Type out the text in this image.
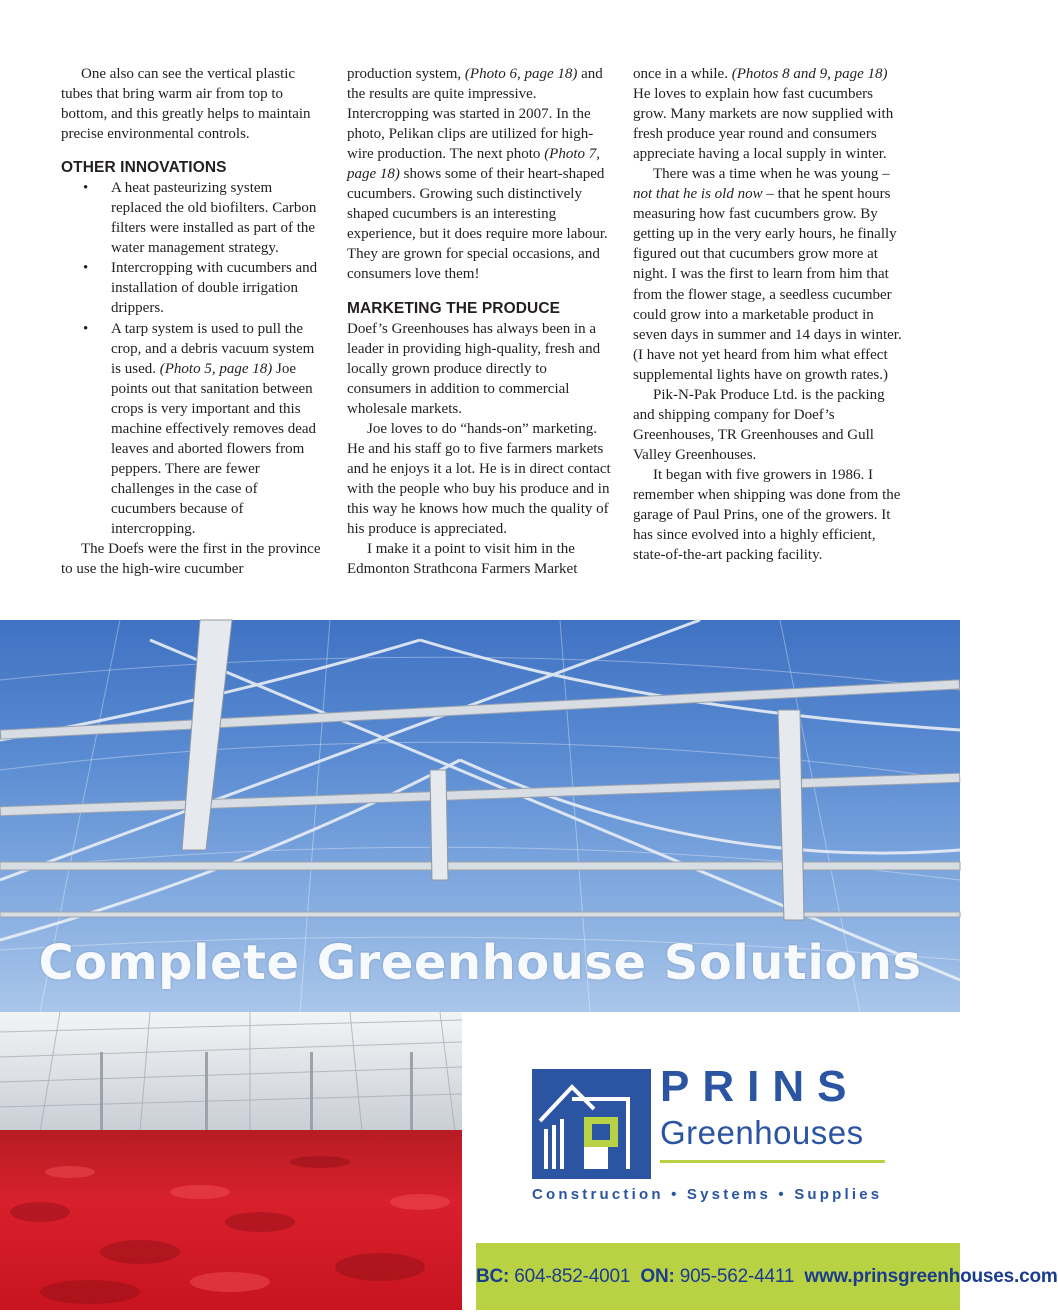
One also can see the vertical plastic tubes that bring warm air from top to bottom, and this greatly helps to maintain precise environmental controls.

OTHER INNOVATIONS

• A heat pasteurizing system replaced the old biofilters. Carbon filters were installed as part of the water management strategy.
• Intercropping with cucumbers and installation of double irrigation drippers.
• A tarp system is used to pull the crop, and a debris vacuum system is used. (Photo 5, page 18) Joe points out that sanitation between crops is very important and this machine effectively removes dead leaves and aborted flowers from peppers. There are fewer challenges in the case of cucumbers because of intercropping.

The Doefs were the first in the province to use the high-wire cucumber

production system, (Photo 6, page 18) and the results are quite impressive. Intercropping was started in 2007. In the photo, Pelikan clips are utilized for high-wire production. The next photo (Photo 7, page 18) shows some of their heart-shaped cucumbers. Growing such distinctively shaped cucumbers is an interesting experience, but it does require more labour. They are grown for special occasions, and consumers love them!

MARKETING THE PRODUCE

Doef’s Greenhouses has always been in a leader in providing high-quality, fresh and locally grown produce directly to consumers in addition to commercial wholesale markets.

Joe loves to do “hands-on” marketing. He and his staff go to five farmers markets and he enjoys it a lot. He is in direct contact with the people who buy his produce and in this way he knows how much the quality of his produce is appreciated.

I make it a point to visit him in the Edmonton Strathcona Farmers Market

once in a while. (Photos 8 and 9, page 18) He loves to explain how fast cucumbers grow. Many markets are now supplied with fresh produce year round and consumers appreciate having a local supply in winter.

There was a time when he was young – not that he is old now – that he spent hours measuring how fast cucumbers grow. By getting up in the very early hours, he finally figured out that cucumbers grow more at night. I was the first to learn from him that from the flower stage, a seedless cucumber could grow into a marketable product in seven days in summer and 14 days in winter. (I have not yet heard from him what effect supplemental lights have on growth rates.)

Pik-N-Pak Produce Ltd. is the packing and shipping company for Doef’s Greenhouses, TR Greenhouses and Gull Valley Greenhouses.

It began with five growers in 1986. I remember when shipping was done from the garage of Paul Prins, one of the growers. It has since evolved into a highly efficient, state-of-the-art packing facility.

Complete Greenhouse Solutions
PRINS
Greenhouses
Construction • Systems • Supplies
BC: 604-852-4001 ON: 905-562-4411 www.prinsgreenhouses.com
